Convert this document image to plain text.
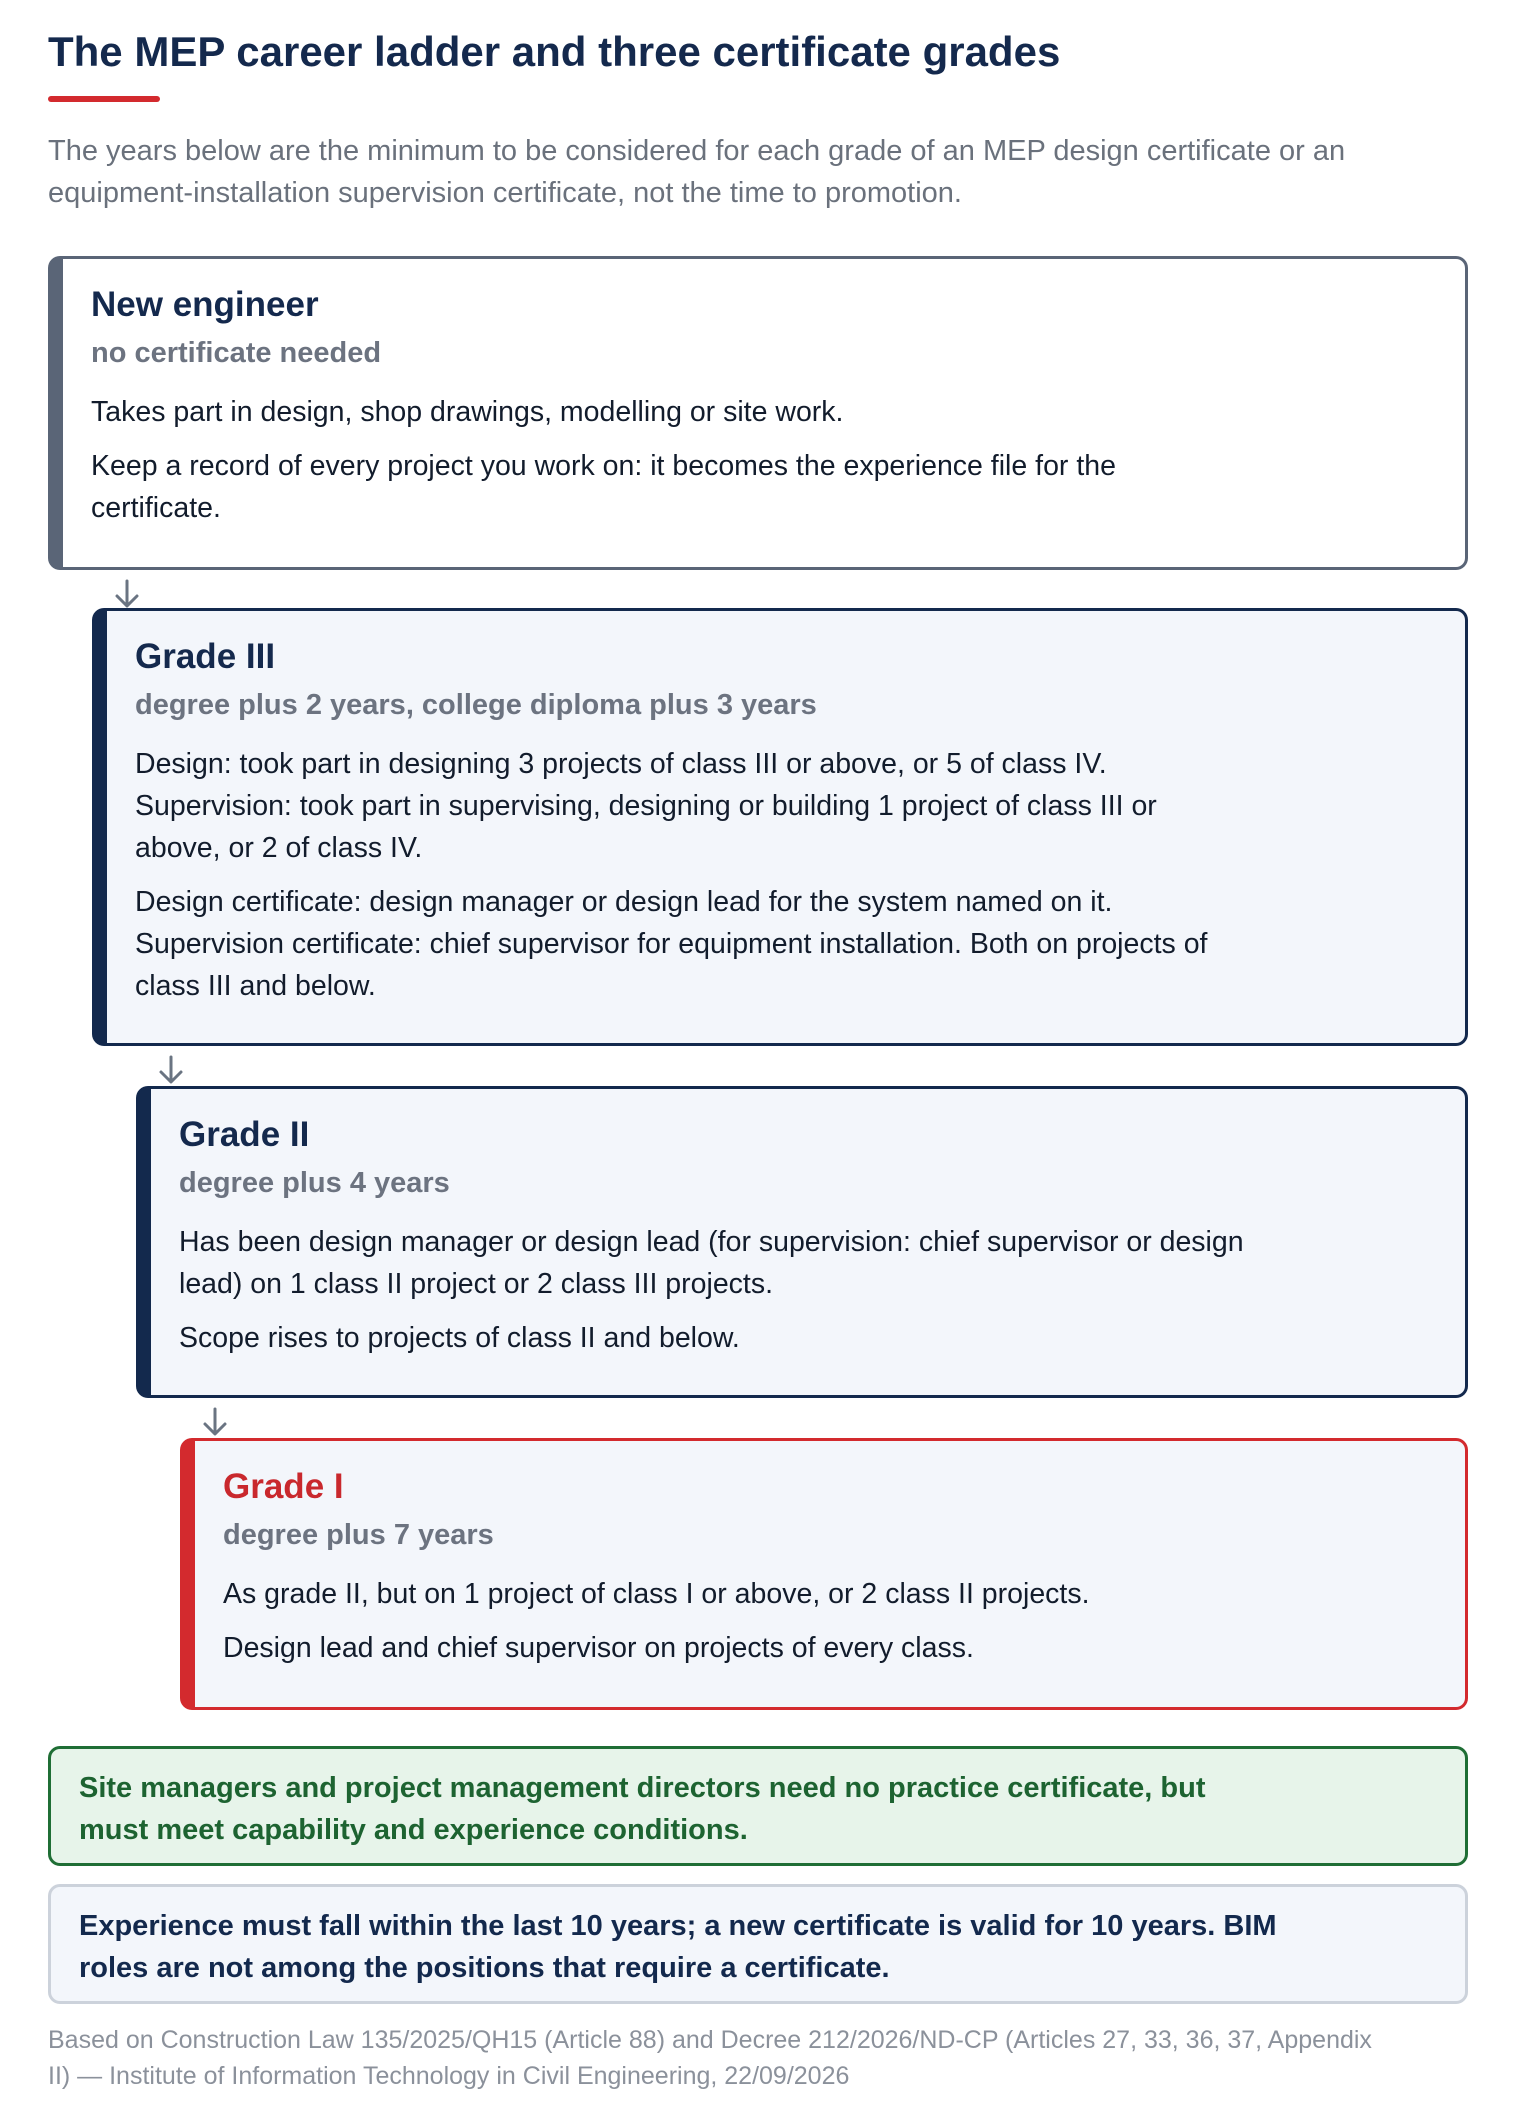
The MEP career ladder and three certificate grades
The years below are the minimum to be considered for each grade of an MEP design certificate or an equipment-installation supervision certificate, not the time to promotion.
New engineer
no certificate needed
Takes part in design, shop drawings, modelling or site work.
Keep a record of every project you work on: it becomes the experience file for the certificate.
Grade III
degree plus 2 years, college diploma plus 3 years
Design: took part in designing 3 projects of class III or above, or 5 of class IV. Supervision: took part in supervising, designing or building 1 project of class III or above, or 2 of class IV.
Design certificate: design manager or design lead for the system named on it. Supervision certificate: chief supervisor for equipment installation. Both on projects of class III and below.
Grade II
degree plus 4 years
Has been design manager or design lead (for supervision: chief supervisor or design lead) on 1 class II project or 2 class III projects.
Scope rises to projects of class II and below.
Grade I
degree plus 7 years
As grade II, but on 1 project of class I or above, or 2 class II projects.
Design lead and chief supervisor on projects of every class.
Site managers and project management directors need no practice certificate, but must meet capability and experience conditions.
Experience must fall within the last 10 years; a new certificate is valid for 10 years. BIM roles are not among the positions that require a certificate.
Based on Construction Law 135/2025/QH15 (Article 88) and Decree 212/2026/ND-CP (Articles 27, 33, 36, 37, Appendix II) — Institute of Information Technology in Civil Engineering, 22/09/2026
